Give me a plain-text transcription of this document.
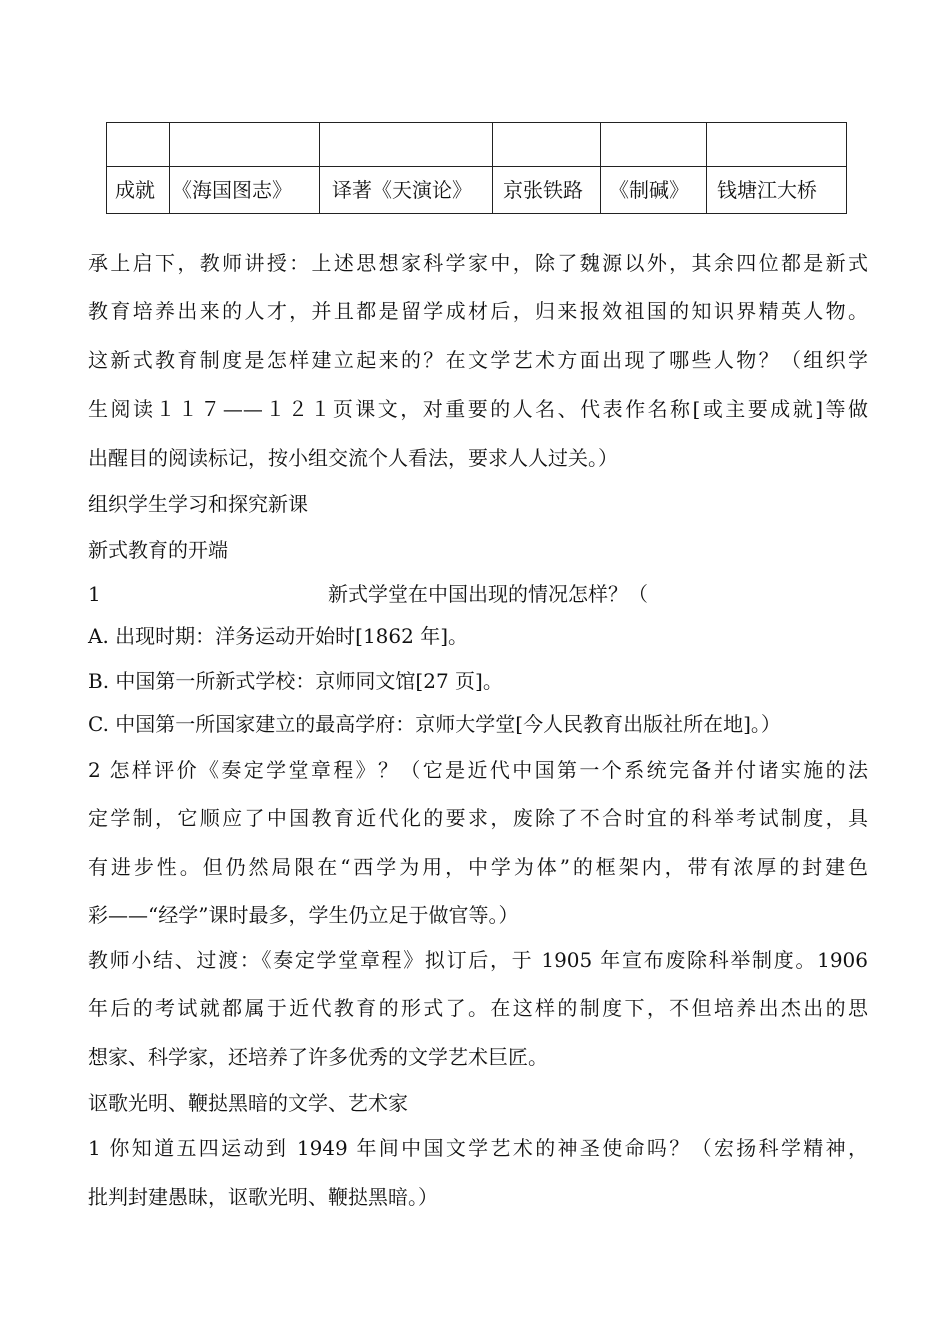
成就	《海国图志》	译著《天演论》	京张铁路	《制碱》	钱塘江大桥
承上启下，教师讲授：上述思想家科学家中，除了魏源以外，其余四位都是新式
教育培养出来的人才，并且都是留学成材后，归来报效祖国的知识界精英人物。
这新式教育制度是怎样建立起来的？在文学艺术方面出现了哪些人物？（组织学
生阅读１１７——１２１页课文，对重要的人名、代表作名称[或主要成就]等做
出醒目的阅读标记，按小组交流个人看法，要求人人过关。）
组织学生学习和探究新课
新式教育的开端
1	新式学堂在中国出现的情况怎样？（
A. 出现时期：洋务运动开始时[1862 年]。
B. 中国第一所新式学校：京师同文馆[27 页]。
C. 中国第一所国家建立的最高学府：京师大学堂[今人民教育出版社所在地]。）
2 怎样评价《奏定学堂章程》？（它是近代中国第一个系统完备并付诸实施的法
定学制，它顺应了中国教育近代化的要求，废除了不合时宜的科举考试制度，具
有进步性。但仍然局限在“西学为用，中学为体”的框架内，带有浓厚的封建色
彩——“经学”课时最多，学生仍立足于做官等。）
教师小结、过渡：《奏定学堂章程》拟订后，于 1905 年宣布废除科举制度。1906
年后的考试就都属于近代教育的形式了。在这样的制度下，不但培养出杰出的思
想家、科学家，还培养了许多优秀的文学艺术巨匠。
讴歌光明、鞭挞黑暗的文学、艺术家
1 你知道五四运动到 1949 年间中国文学艺术的神圣使命吗？（宏扬科学精神，
批判封建愚昧，讴歌光明、鞭挞黑暗。）
